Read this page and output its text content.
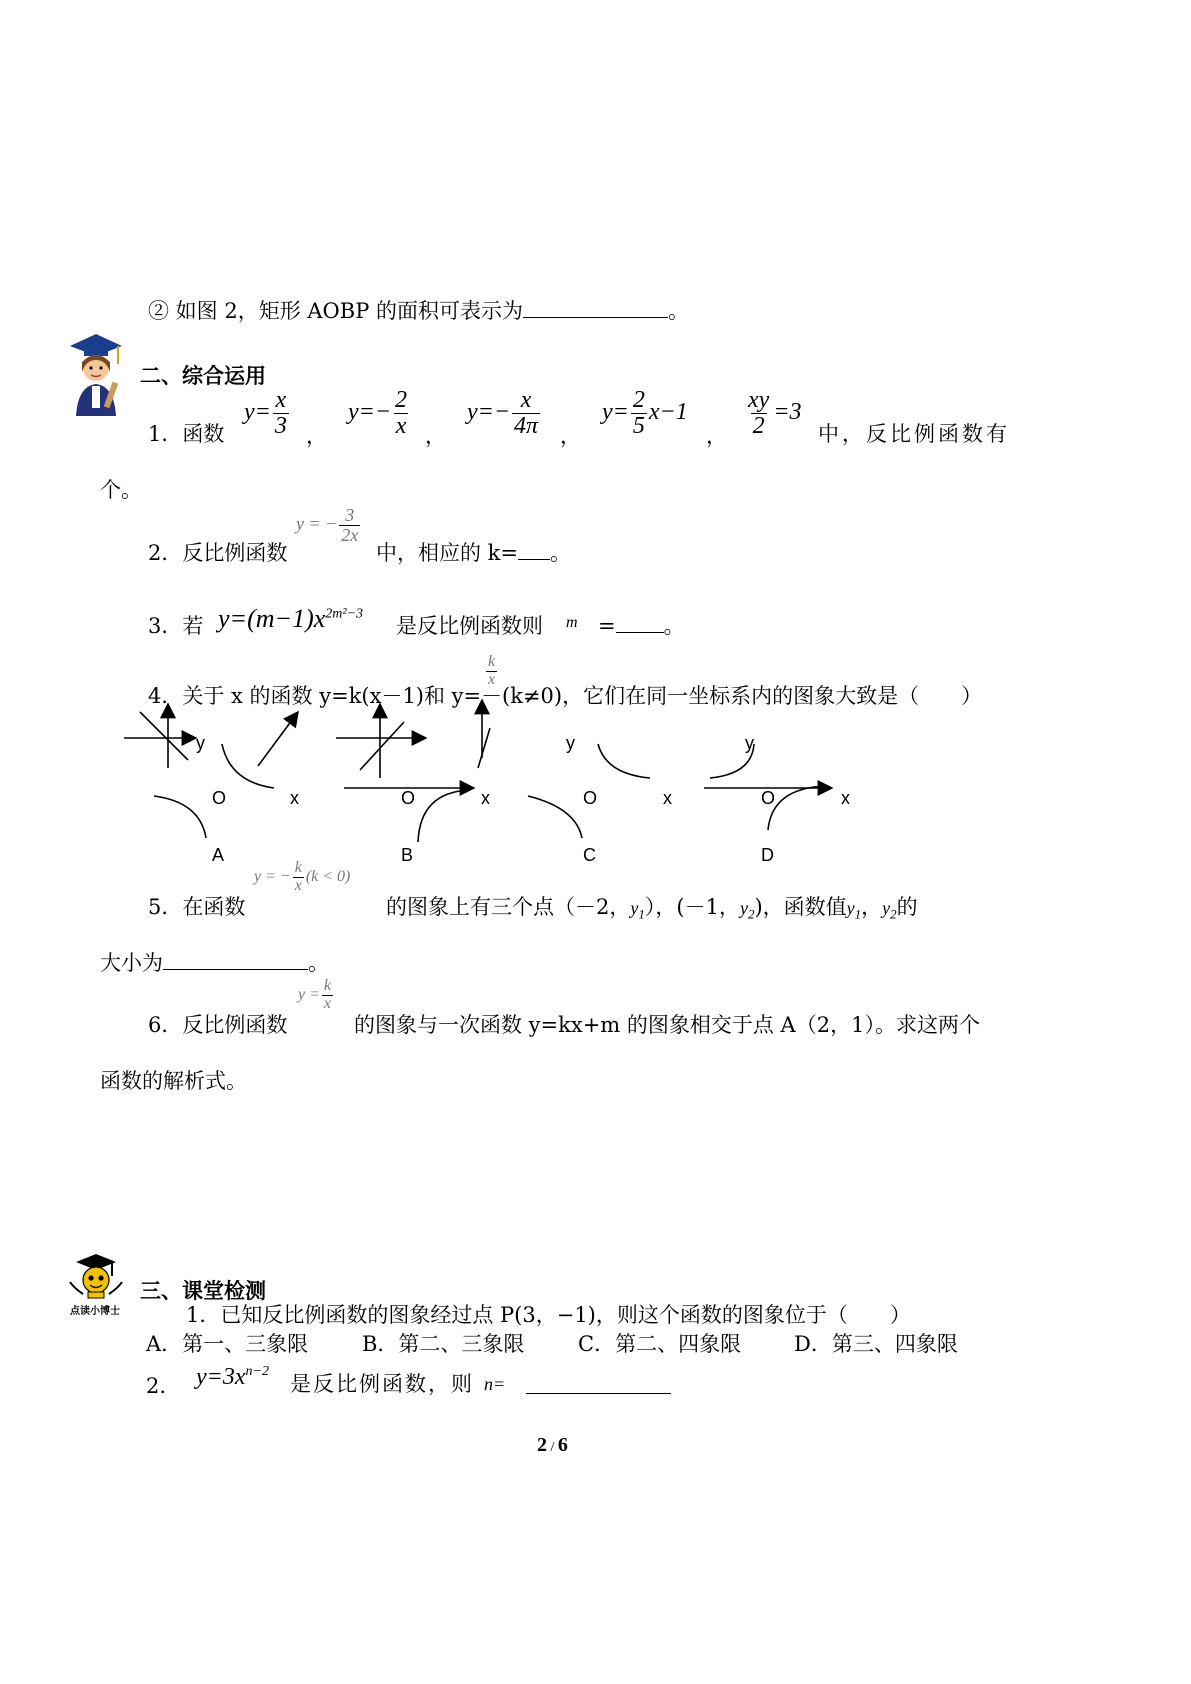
② 如图 2，矩形 AOBP 的面积可表示为	。
二、综合运用
1．函数
$y= \frac{x}{3}$ ，
$y=- \frac{2}{x}$ ，
$y=- \frac{x}{4\pi}$ ，
$y= \frac{2}{5} x-1$
， $\frac{xy}{2} =3$
中，反比例函数有
个。
2．反比例函数
y = − $\frac{3}{2x}$
中，相应的 k= 。
3．若 $y=(m-1)x^{2m^2-3}$
是反比例函数则 m = 。
4．关于 x 的函数 y=k(x－1)和 y=－
$\frac{k}{x}$
(k≠0)，它们在同一坐标系内的图象大致是（　　）
y
O	x
A
O	x
B
y
O	x
C
y
O	x
D
5．在函数
y = − $\frac{k}{x} (k < 0)$
的图象上有三个点（－2，$y_1$），(－1，$y_2$)，函数值$y_1$，$y_2$的
大小为	。
6．反比例函数
$y = \frac{k}{x}$
的图象与一次函数 y=kx+m 的图象相交于点 A（2，1）。求这两个
函数的解析式。
点读小博士
三、课堂检测
1．已知反比例函数的图象经过点 P(3，−1)，则这个函数的图象位于（　　）
A．第一、三象限	B．第二、三象限	C．第二、四象限	D．第三、四象限
2. $y=3x^{n-2}$
是反比例函数，则 n=
2 / 6
